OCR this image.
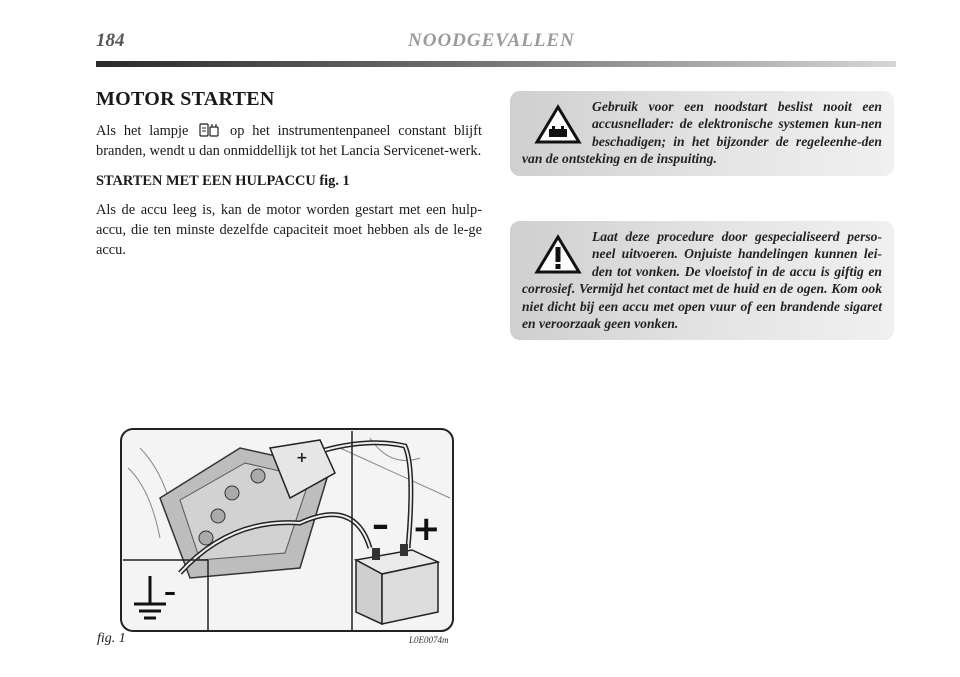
184	NOODGEVALLEN
MOTOR STARTEN

Als het lampje	op het instrumentenpaneel constant blijft branden, wendt u dan onmiddellijk tot het Lancia Servicenet-werk.

STARTEN MET EEN HULPACCU fig. 1

Als de accu leeg is, kan de motor worden gestart met een hulp-accu, die ten minste dezelfde capaciteit moet hebben als de le-ge accu.

Gebruik voor een noodstart beslist nooit een accusnellader: de elektronische systemen kun-nen beschadigen; in het bijzonder de regeleenhe-den van de ontsteking en de inspuiting.
Laat deze procedure door gespecialiseerd perso-neel uitvoeren. Onjuiste handelingen kunnen lei-den tot vonken. De vloeistof in de accu is giftig en corrosief. Vermijd het contact met de huid en de ogen. Kom ook niet dicht bij een accu met open vuur of een brandende sigaret en veroorzaak geen vonken.
+
–
– +
fig. 1	L0E0074m
